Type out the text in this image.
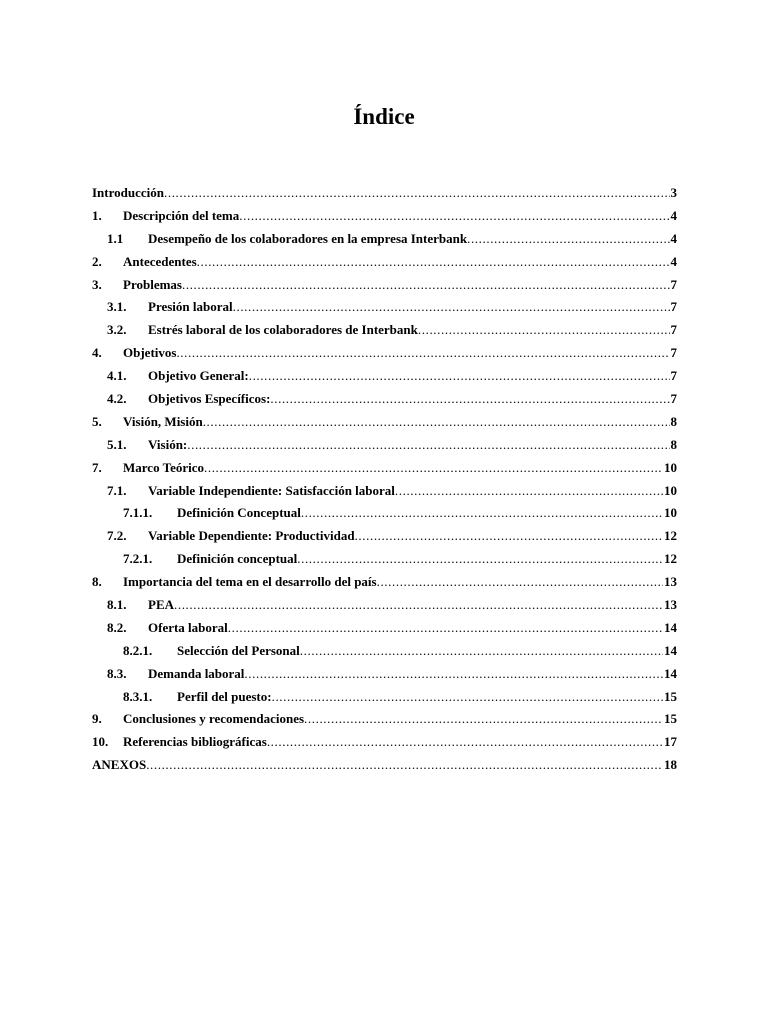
Índice
Introducción .....	3
1.	Descripción del tema .....	4
1.1	Desempeño de los colaboradores en la empresa Interbank .....	4
2.	Antecedentes .....	4
3.	Problemas .....	7
3.1.	Presión laboral .....	7
3.2.	Estrés laboral de los colaboradores de Interbank .....	7
4.	Objetivos .....	7
4.1.	Objetivo General: .....	7
4.2.	Objetivos Específicos: .....	7
5.	Visión, Misión .....	8
5.1.	Visión: .....	8
7.	Marco Teórico .....	10
7.1.	Variable Independiente: Satisfacción laboral .....	10
7.1.1.	Definición Conceptual .....	10
7.2.	Variable Dependiente: Productividad .....	12
7.2.1.	Definición conceptual .....	12
8.	Importancia del tema en el desarrollo del país .....	13
8.1.	PEA .....	13
8.2.	Oferta laboral .....	14
8.2.1.	Selección del Personal .....	14
8.3.	Demanda laboral .....	14
8.3.1.	Perfil del puesto: .....	15
9.	Conclusiones y recomendaciones .....	15
10.	Referencias bibliográficas .....	17
ANEXOS .....	18
